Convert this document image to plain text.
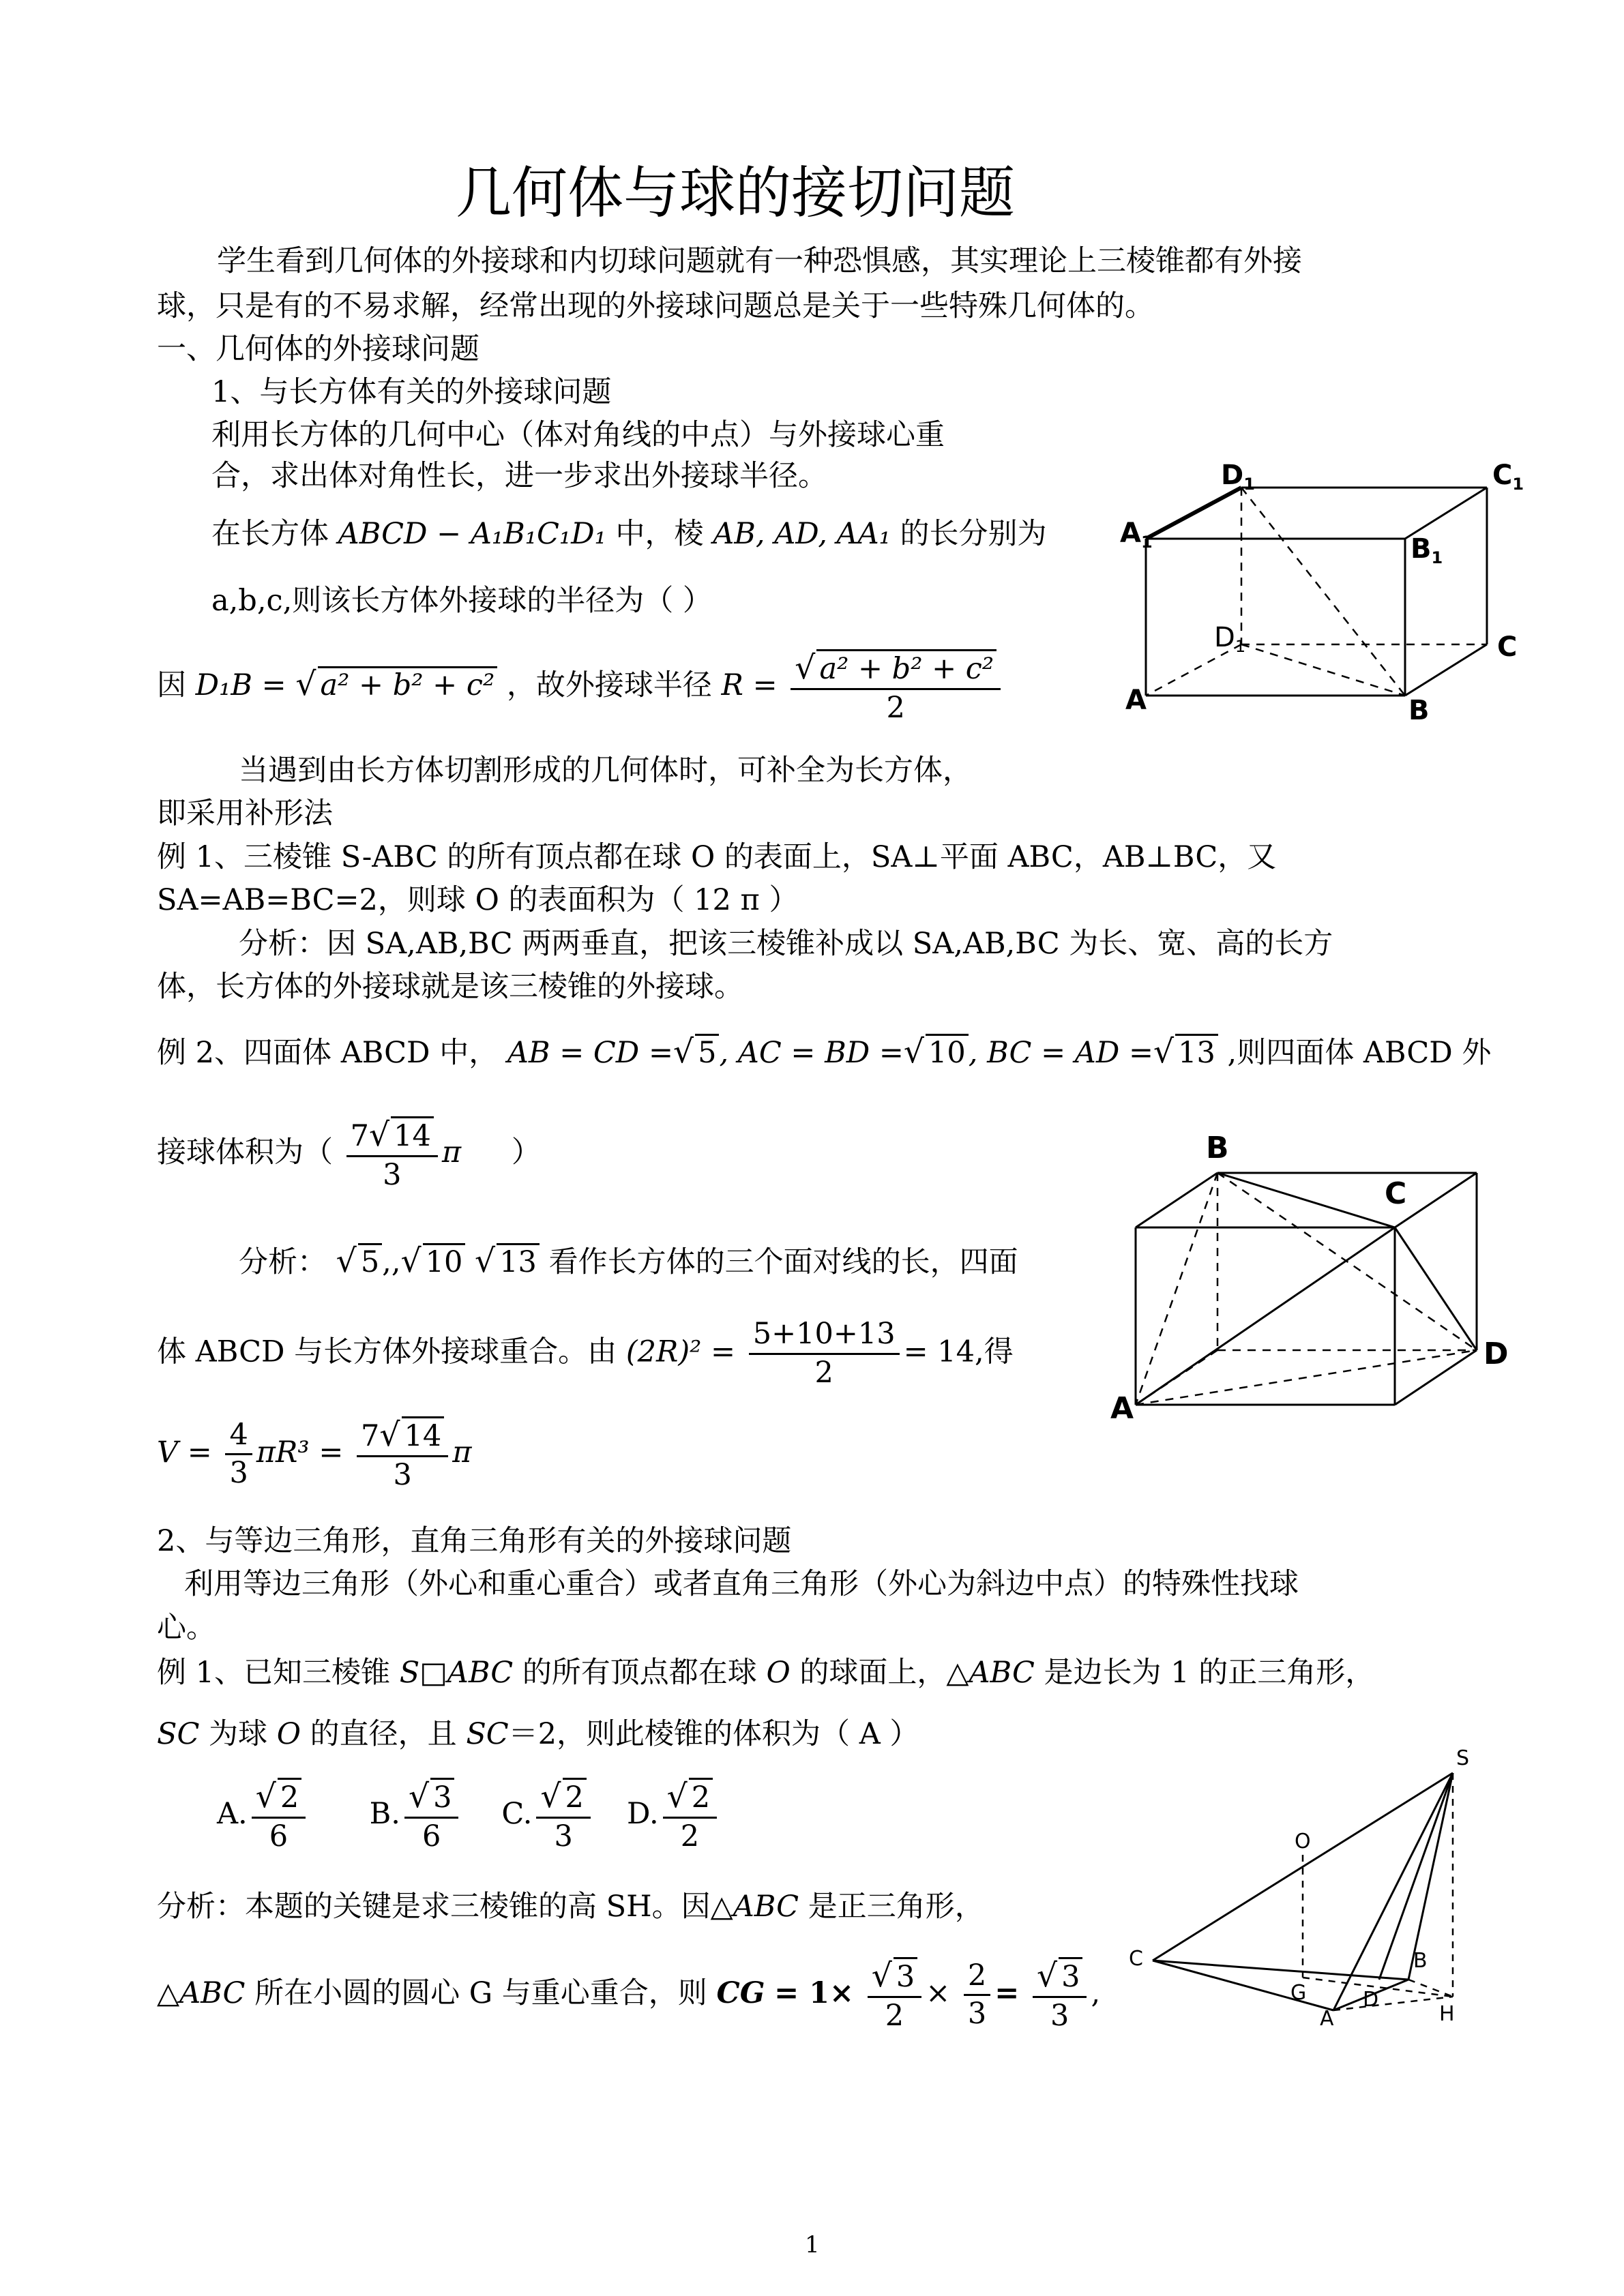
几何体与球的接切问题
学生看到几何体的外接球和内切球问题就有一种恐惧感，其实理论上三棱锥都有外接
球，只是有的不易求解，经常出现的外接球问题总是关于一些特殊几何体的。
一、几何体的外接球问题
1、与长方体有关的外接球问题
利用长方体的几何中心（体对角线的中点）与外接球心重
合，求出体对角性长，进一步求出外接球半径。
在长方体 ABCD − A₁B₁C₁D₁ 中，棱 AB, AD, AA₁ 的长分别为
a,b,c,则该长方体外接球的半径为（ ）
因 D₁B = √ a² + b² + c² ，故外接球半径 $R = \frac{\text{√ a² + b² + c²}}{2}$
当遇到由长方体切割形成的几何体时，可补全为长方体，
即采用补形法
例 1、三棱锥 S-ABC 的所有顶点都在球 O 的表面上，SA⊥平面 ABC，AB⊥BC，又
SA=AB=BC=2，则球 O 的表面积为（ 12 π ）
分析：因 SA,AB,BC 两两垂直，把该三棱锥补成以 SA,AB,BC 为长、宽、高的长方
体，长方体的外接球就是该三棱锥的外接球。
例 2、四面体 ABCD 中， AB = CD =√ 5, AC = BD =√ 10, BC = AD =√ 13 ,则四面体 ABCD 外
接球体积为（ $\frac{7√ 14}{3}$ π ）
分析： √ 5,,√ 10 √ 13 看作长方体的三个面对线的长，四面
体 ABCD 与长方体外接球重合。由 $(2R)^2 = \frac{5+10+13}{2} = 14$,得
$V = \frac{4}{3} \pi R^3 = \frac{7√ 14}{3}$ π
2、与等边三角形，直角三角形有关的外接球问题
利用等边三角形（外心和重心重合）或者直角三角形（外心为斜边中点）的特殊性找球
心。
例 1、已知三棱锥 S□ABC 的所有顶点都在球 O 的球面上，△ABC 是边长为 1 的正三角形，
SC 为球 O 的直径，且 SC＝2，则此棱锥的体积为（ A ）
A. $\frac{√ 2}{6} B$. $\frac{√ 3}{6} C$. $\frac{√ 2}{3} D$. $\frac{√ 2}{2}$
分析：本题的关键是求三棱锥的高 SH。因△ABC 是正三角形，
△ABC 所在小圆的圆心 G 与重心重合，则 CG = $1\times \frac{√ 3}{2} \times \frac{2}{3} = \frac{√ 3}{3}$ ,
$A_1$
$D_1$	$C_1$
$B_1$
$D_1$	C
A	B
B
C
D
A
S
O
C	B
G	D
A	H
1
